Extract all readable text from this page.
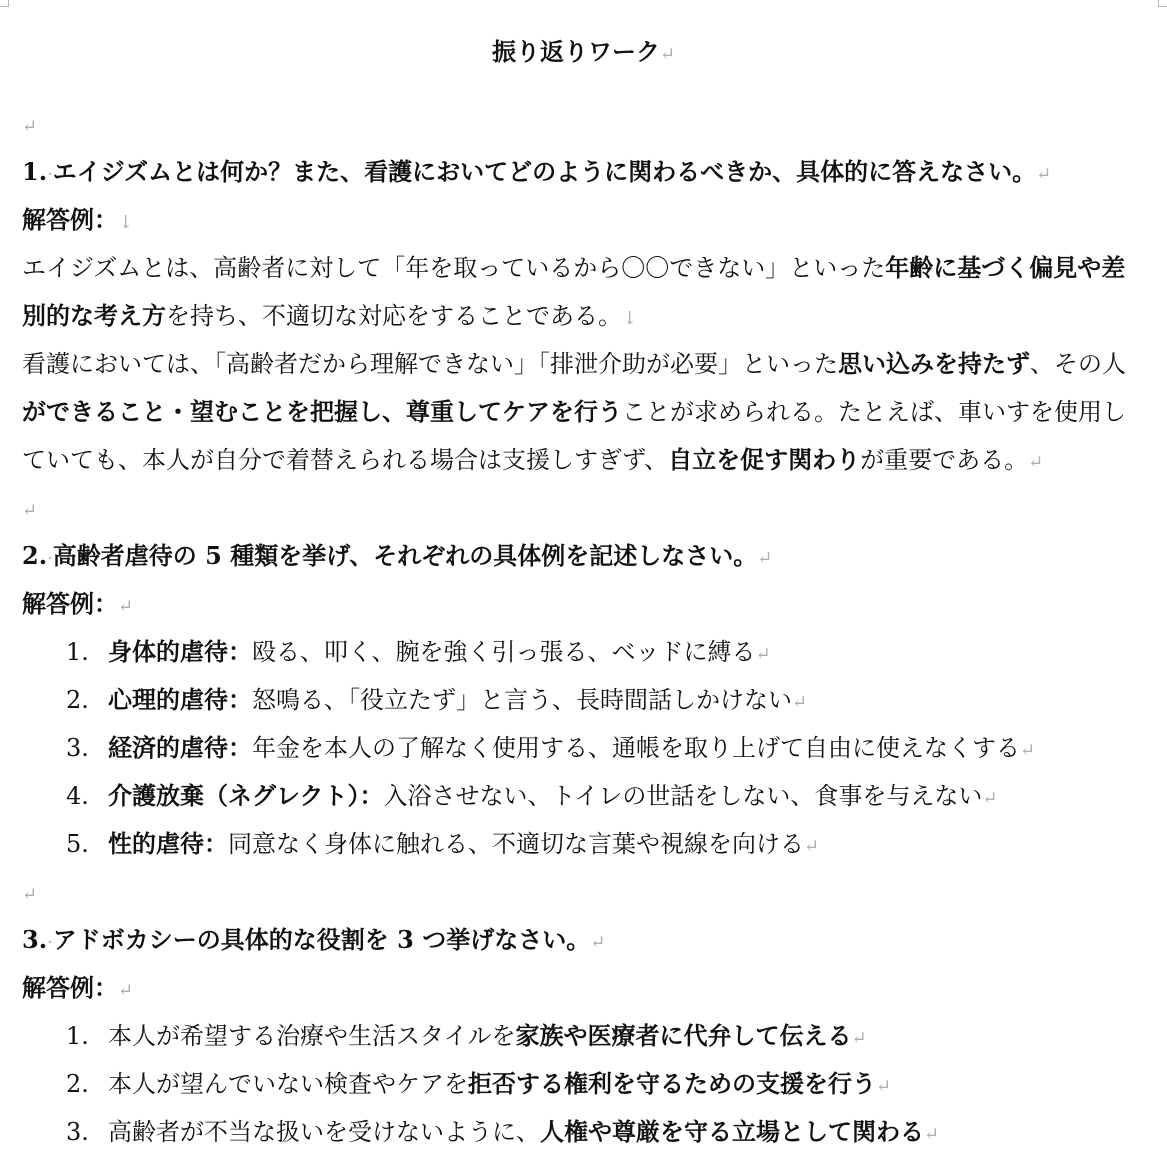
振り返りワーク↵
↵
1.·エイジズムとは何か？また、看護においてどのように関わるべきか、具体的に答えなさい。↵
解答例：↓
エイジズムとは、高齢者に対して「年を取っているから〇〇できない」といった年齢に基づく偏見や差
別的な考え方を持ち、不適切な対応をすることである。↓
看護においては、「高齢者だから理解できない」「排泄介助が必要」といった思い込みを持たず、その人
ができること・望むことを把握し、尊重してケアを行うことが求められる。たとえば、車いすを使用し
ていても、本人が自分で着替えられる場合は支援しすぎず、自立を促す関わりが重要である。↵
↵
2.·高齢者虐待の 5 種類を挙げ、それぞれの具体例を記述しなさい。↵
解答例：↵
1. 身体的虐待：殴る、叩く、腕を強く引っ張る、ベッドに縛る↵
2. 心理的虐待：怒鳴る、「役立たず」と言う、長時間話しかけない↵
3. 経済的虐待：年金を本人の了解なく使用する、通帳を取り上げて自由に使えなくする↵
4. 介護放棄（ネグレクト）：入浴させない、トイレの世話をしない、食事を与えない↵
5. 性的虐待：同意なく身体に触れる、不適切な言葉や視線を向ける↵
↵
3.·アドボカシーの具体的な役割を 3 つ挙げなさい。↵
解答例：↵
1. 本人が希望する治療や生活スタイルを家族や医療者に代弁して伝える↵
2. 本人が望んでいない検査やケアを拒否する権利を守るための支援を行う↵
3. 高齢者が不当な扱いを受けないように、人権や尊厳を守る立場として関わる↵
